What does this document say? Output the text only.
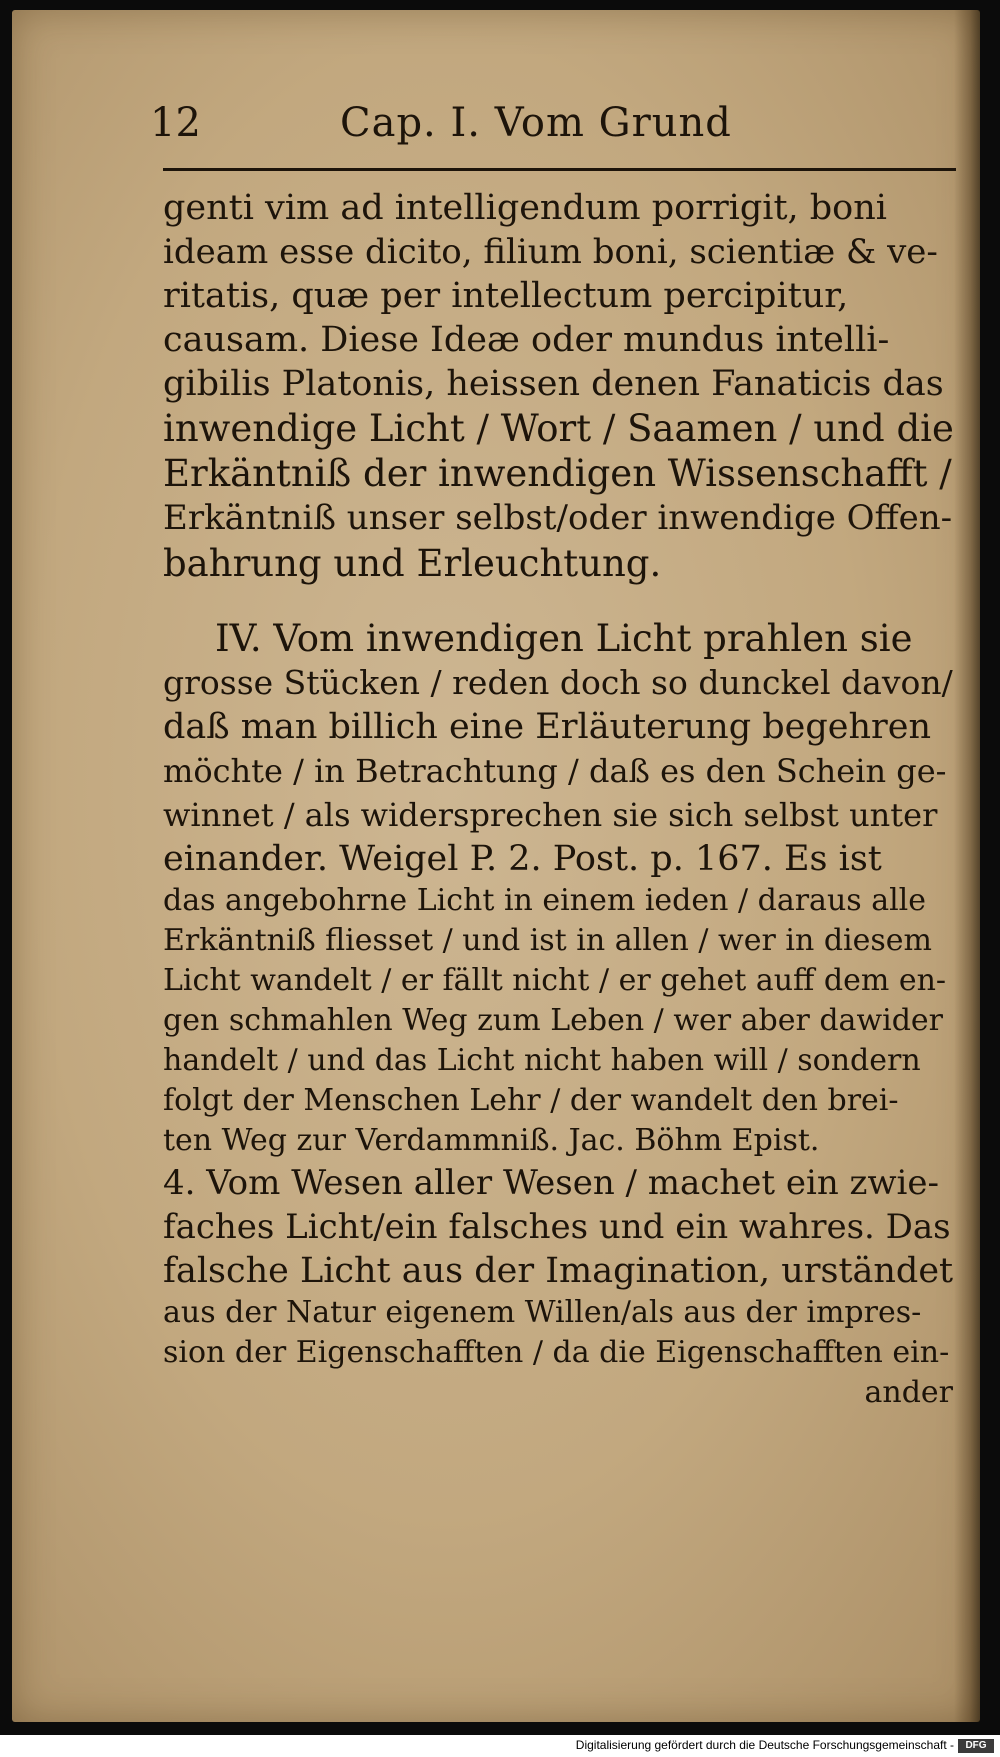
12	Cap. I. Vom Grund
genti vim ad intelligendum porrigit, boni
ideam esse dicito, filium boni, scientiæ & ve-
ritatis, quæ per intellectum percipitur,
causam. Diese Ideæ oder mundus intelli-
gibilis Platonis, heissen denen Fanaticis das
inwendige Licht / Wort / Saamen / und die
Erkäntniß der inwendigen Wissenschafft /
Erkäntniß unser selbst/oder inwendige Offen-
bahrung und Erleuchtung.
IV. Vom inwendigen Licht prahlen sie
grosse Stücken / reden doch so dunckel davon/
daß man billich eine Erläuterung begehren
möchte / in Betrachtung / daß es den Schein ge-
winnet / als widersprechen sie sich selbst unter
einander. Weigel P. 2. Post. p. 167. Es ist
das angebohrne Licht in einem ieden / daraus alle
Erkäntniß fliesset / und ist in allen / wer in diesem
Licht wandelt / er fällt nicht / er gehet auff dem en-
gen schmahlen Weg zum Leben / wer aber dawider
handelt / und das Licht nicht haben will / sondern
folgt der Menschen Lehr / der wandelt den brei-
ten Weg zur Verdammniß. Jac. Böhm Epist.
4. Vom Wesen aller Wesen / machet ein zwie-
faches Licht/ein falsches und ein wahres. Das
falsche Licht aus der Imagination, urständet
aus der Natur eigenem Willen/als aus der impres-
sion der Eigenschafften / da die Eigenschafften ein-
ander
Digitalisierung gefördert durch die Deutsche Forschungsgemeinschaft -	DFG
